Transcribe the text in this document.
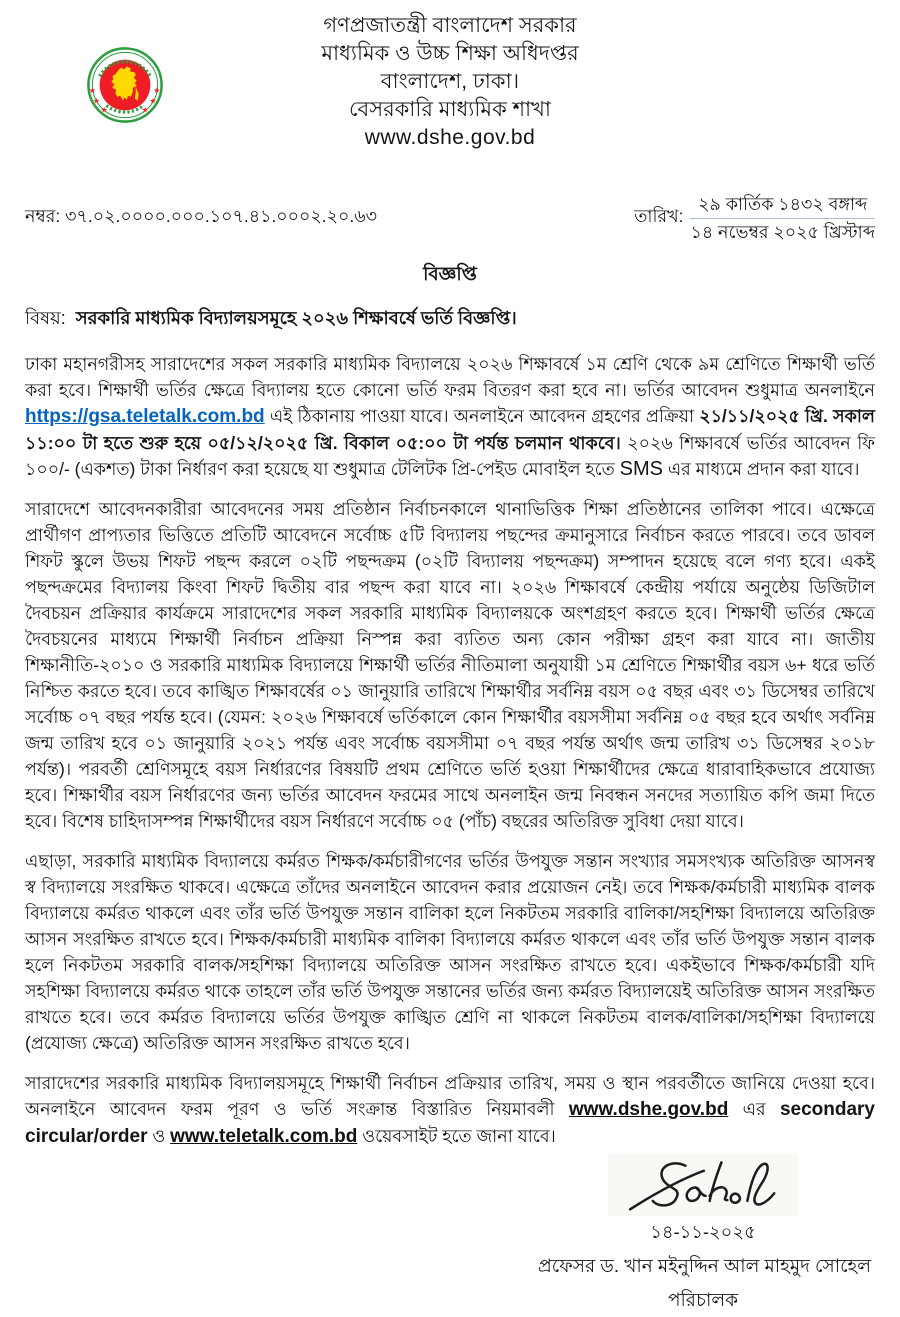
★
★
★
★
★
★
গণপ্রজাতন্ত্রী বাংলাদেশ সরকার
মাধ্যমিক ও উচ্চ শিক্ষা অধিদপ্তর
বাংলাদেশ, ঢাকা।
বেসরকারি মাধ্যমিক শাখা
www.dshe.gov.bd
নম্বর: ৩৭.০২.০০০০.০০০.১০৭.৪১.০০০২.২০.৬৩	তারিখ: $\frac{\text{২৯ কার্তিক ১৪৩২ বঙ্গাব্দ}}{\text{১৪ নভেম্বর ২০২৫ খ্রিস্টাব্দ}}$
বিজ্ঞপ্তি
বিষয়: সরকারি মাধ্যমিক বিদ্যালয়সমূহে ২০২৬ শিক্ষাবর্ষে ভর্তি বিজ্ঞপ্তি।

ঢাকা মহানগরীসহ সারাদেশের সকল সরকারি মাধ্যমিক বিদ্যালয়ে ২০২৬ শিক্ষাবর্ষে ১ম শ্রেণি থেকে ৯ম শ্রেণিতে শিক্ষার্থী ভর্তি করা হবে। শিক্ষার্থী ভর্তির ক্ষেত্রে বিদ্যালয় হতে কোনো ভর্তি ফরম বিতরণ করা হবে না। ভর্তির আবেদন শুধুমাত্র অনলাইনে https://gsa.teletalk.com.bd এই ঠিকানায় পাওয়া যাবে। অনলাইনে আবেদন গ্রহণের প্রক্রিয়া ২১/১১/২০২৫ খ্রি. সকাল ১১:০০ টা হতে শুরু হয়ে ০৫/১২/২০২৫ খ্রি. বিকাল ০৫:০০ টা পর্যন্ত চলমান থাকবে। ২০২৬ শিক্ষাবর্ষে ভর্তির আবেদন ফি ১০০/- (একশত) টাকা নির্ধারণ করা হয়েছে যা শুধুমাত্র টেলিটক প্রি-পেইড মোবাইল হতে SMS এর মাধ্যমে প্রদান করা যাবে।

সারাদেশে আবেদনকারীরা আবেদনের সময় প্রতিষ্ঠান নির্বাচনকালে থানাভিত্তিক শিক্ষা প্রতিষ্ঠানের তালিকা পাবে। এক্ষেত্রে প্রার্থীগণ প্রাপ্যতার ভিত্তিতে প্রতিটি আবেদনে সর্বোচ্চ ৫টি বিদ্যালয় পছন্দের ক্রমানুসারে নির্বাচন করতে পারবে। তবে ডাবল শিফট স্কুলে উভয় শিফট পছন্দ করলে ০২টি পছন্দক্রম (০২টি বিদ্যালয় পছন্দক্রম) সম্পাদন হয়েছে বলে গণ্য হবে। একই পছন্দক্রমের বিদ্যালয় কিংবা শিফট দ্বিতীয় বার পছন্দ করা যাবে না। ২০২৬ শিক্ষাবর্ষে কেন্দ্রীয় পর্যায়ে অনুষ্ঠেয় ডিজিটাল দৈবচয়ন প্রক্রিয়ার কার্যক্রমে সারাদেশের সকল সরকারি মাধ্যমিক বিদ্যালয়কে অংশগ্রহণ করতে হবে। শিক্ষার্থী ভর্তির ক্ষেত্রে দৈবচয়নের মাধ্যমে শিক্ষার্থী নির্বাচন প্রক্রিয়া নিস্পন্ন করা ব্যতিত অন্য কোন পরীক্ষা গ্রহণ করা যাবে না। জাতীয় শিক্ষানীতি-২০১০ ও সরকারি মাধ্যমিক বিদ্যালয়ে শিক্ষার্থী ভর্তির নীতিমালা অনুযায়ী ১ম শ্রেণিতে শিক্ষার্থীর বয়স ৬+ ধরে ভর্তি নিশ্চিত করতে হবে। তবে কাঙ্খিত শিক্ষাবর্ষের ০১ জানুয়ারি তারিখে শিক্ষার্থীর সর্বনিম্ন বয়স ০৫ বছর এবং ৩১ ডিসেম্বর তারিখে সর্বোচ্চ ০৭ বছর পর্যন্ত হবে। (যেমন: ২০২৬ শিক্ষাবর্ষে ভর্তিকালে কোন শিক্ষার্থীর বয়সসীমা সর্বনিম্ন ০৫ বছর হবে অর্থাৎ সর্বনিম্ন জন্ম তারিখ হবে ০১ জানুয়ারি ২০২১ পর্যন্ত এবং সর্বোচ্চ বয়সসীমা ০৭ বছর পর্যন্ত অর্থাৎ জন্ম তারিখ ৩১ ডিসেম্বর ২০১৮ পর্যন্ত)। পরবর্তী শ্রেণিসমূহে বয়স নির্ধারণের বিষয়টি প্রথম শ্রেণিতে ভর্তি হওয়া শিক্ষার্থীদের ক্ষেত্রে ধারাবাহিকভাবে প্রযোজ্য হবে। শিক্ষার্থীর বয়স নির্ধারণের জন্য ভর্তির আবেদন ফরমের সাথে অনলাইন জন্ম নিবন্ধন সনদের সত্যায়িত কপি জমা দিতে হবে। বিশেষ চাহিদাসম্পন্ন শিক্ষার্থীদের বয়স নির্ধারণে সর্বোচ্চ ০৫ (পাঁচ) বছরের অতিরিক্ত সুবিধা দেয়া যাবে।

এছাড়া, সরকারি মাধ্যমিক বিদ্যালয়ে কর্মরত শিক্ষক/কর্মচারীগণের ভর্তির উপযুক্ত সন্তান সংখ্যার সমসংখ্যক অতিরিক্ত আসনস্ব স্ব বিদ্যালয়ে সংরক্ষিত থাকবে। এক্ষেত্রে তাঁদের অনলাইনে আবেদন করার প্রয়োজন নেই। তবে শিক্ষক/কর্মচারী মাধ্যমিক বালক বিদ্যালয়ে কর্মরত থাকলে এবং তাঁর ভর্তি উপযুক্ত সন্তান বালিকা হলে নিকটতম সরকারি বালিকা/সহশিক্ষা বিদ্যালয়ে অতিরিক্ত আসন সংরক্ষিত রাখতে হবে। শিক্ষক/কর্মচারী মাধ্যমিক বালিকা বিদ্যালয়ে কর্মরত থাকলে এবং তাঁর ভর্তি উপযুক্ত সন্তান বালক হলে নিকটতম সরকারি বালক/সহশিক্ষা বিদ্যালয়ে অতিরিক্ত আসন সংরক্ষিত রাখতে হবে। একইভাবে শিক্ষক/কর্মচারী যদি সহশিক্ষা বিদ্যালয়ে কর্মরত থাকে তাহলে তাঁর ভর্তি উপযুক্ত সন্তানের ভর্তির জন্য কর্মরত বিদ্যালয়েই অতিরিক্ত আসন সংরক্ষিত রাখতে হবে। তবে কর্মরত বিদ্যালয়ে ভর্তির উপযুক্ত কাঙ্খিত শ্রেণি না থাকলে নিকটতম বালক/বালিকা/সহশিক্ষা বিদ্যালয়ে (প্রযোজ্য ক্ষেত্রে) অতিরিক্ত আসন সংরক্ষিত রাখতে হবে।

সারাদেশের সরকারি মাধ্যমিক বিদ্যালয়সমূহে শিক্ষার্থী নির্বাচন প্রক্রিয়ার তারিখ, সময় ও স্থান পরবর্তীতে জানিয়ে দেওয়া হবে। অনলাইনে আবেদন ফরম পূরণ ও ভর্তি সংক্রান্ত বিস্তারিত নিয়মাবলী www.dshe.gov.bd এর secondary circular/order ও www.teletalk.com.bd ওয়েবসাইট হতে জানা যাবে।

১৪-১১-২০২৫
প্রফেসর ড. খান মইনুদ্দিন আল মাহমুদ সোহেল
পরিচালক
